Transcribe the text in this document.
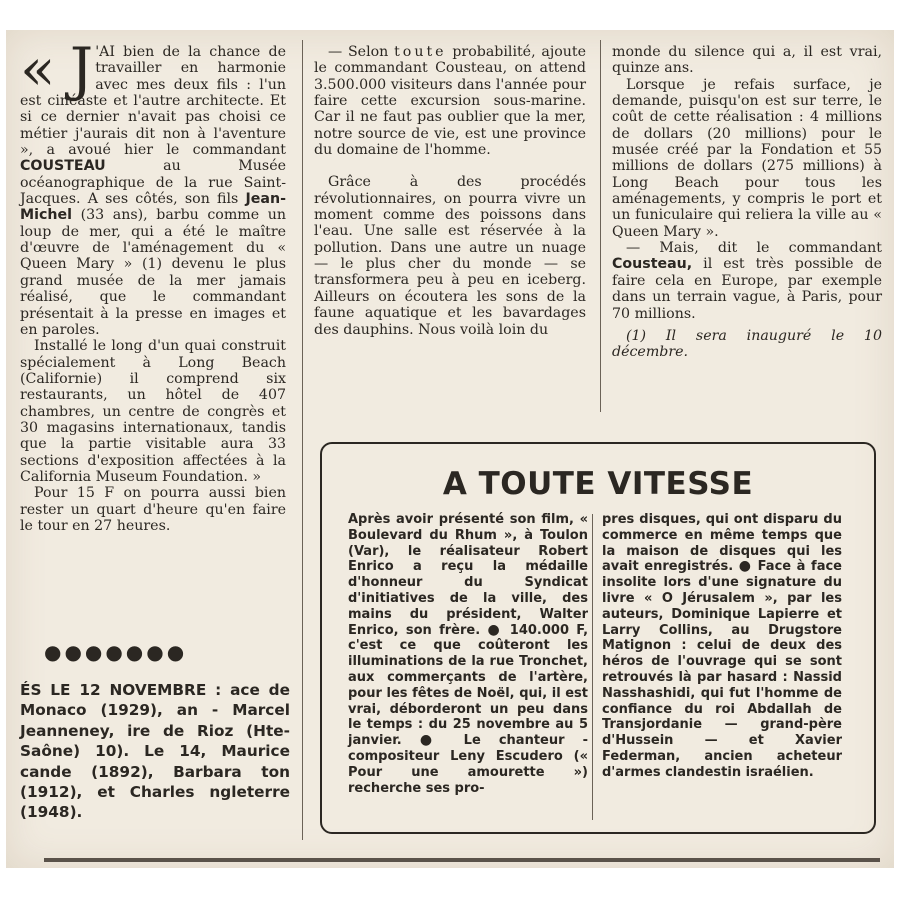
« J 'AI bien de la chance de travailler en harmonie avec mes deux fils : l'un est cinéaste et l'autre architecte. Et si ce dernier n'avait pas choisi ce métier j'aurais dit non à l'aventure », a avoué hier le commandant COUSTEAU	au Musée océanographique de la rue Saint-Jacques. A ses côtés, son fils Jean-Michel (33 ans), barbu comme un loup de mer, qui a été le maître d'œuvre de l'aménagement du « Queen Mary » (1) devenu le plus grand musée de la mer jamais réalisé, que le commandant présentait à la presse en images et en paroles.

Installé le long d'un quai construit spécialement à Long Beach (Californie) il comprend six restaurants, un hôtel de 407 chambres, un centre de congrès et 30 magasins internationaux, tandis que la partie visitable aura 33 sections d'exposition affectées à la California Museum Foundation. »

Pour 15 F on pourra aussi bien rester un quart d'heure qu'en faire le tour en 27 heures.

— Selon toute probabilité, ajoute le commandant Cousteau, on attend 3.500.000 visiteurs dans l'année pour faire cette excursion sous-marine. Car il ne faut pas oublier que la mer, notre source de vie, est une province du domaine de l'homme.

Grâce à des procédés révolutionnaires, on pourra vivre un moment comme des poissons dans l'eau. Une salle est réservée à la pollution. Dans une autre un nuage — le plus cher du monde — se transformera peu à peu en iceberg. Ailleurs on écoutera les sons de la faune aquatique et les bavardages des dauphins. Nous voilà loin du

monde du silence qui a, il est vrai, quinze ans.

Lorsque je refais surface, je demande, puisqu'on est sur terre, le coût de cette réalisation : 4 millions de dollars (20 millions) pour le musée créé par la Fondation et 55 millions de dollars (275 millions) à Long Beach pour tous les aménagements, y compris le port et un funiculaire qui reliera la ville au « Queen Mary ».

— Mais, dit le commandant Cousteau, il est très possible de faire cela en Europe, par exemple dans un terrain vague, à Paris, pour 70 millions.

(1) Il sera inauguré le 10 décembre.

●●●●●●●

ÉS LE 12 NOVEMBRE : ace de Monaco (1929), an - Marcel Jeanneney, ire de Rioz (Hte-Saône) 10). Le 14, Maurice cande (1892), Barbara ton (1912), et Charles ngleterre (1948).

A TOUTE VITESSE

Après avoir présenté son film, « Boulevard du Rhum », à Toulon (Var), le réalisateur Robert Enrico a reçu la médaille d'honneur du Syndicat d'initiatives de la ville, des mains du président, Walter Enrico, son frère. ● 140.000 F, c'est ce que coûteront les illuminations de la rue Tronchet, aux commerçants de l'artère, pour les fêtes de Noël, qui, il est vrai, déborderont un peu dans le temps : du 25 novembre au 5 janvier. ● Le chanteur - compositeur Leny Escudero (« Pour une amourette ») recherche ses pro-

pres disques, qui ont disparu du commerce en même temps que la maison de disques qui les avait enregistrés. ● Face à face insolite lors d'une signature du livre « O Jérusalem », par les auteurs, Dominique Lapierre et Larry Collins, au Drugstore Matignon : celui de deux des héros de l'ouvrage qui se sont retrouvés là par hasard : Nassid Nasshashidi, qui fut l'homme de confiance du roi Abdallah de Transjordanie — grand-père d'Hussein — et Xavier Federman, ancien acheteur d'armes clandestin israélien.
